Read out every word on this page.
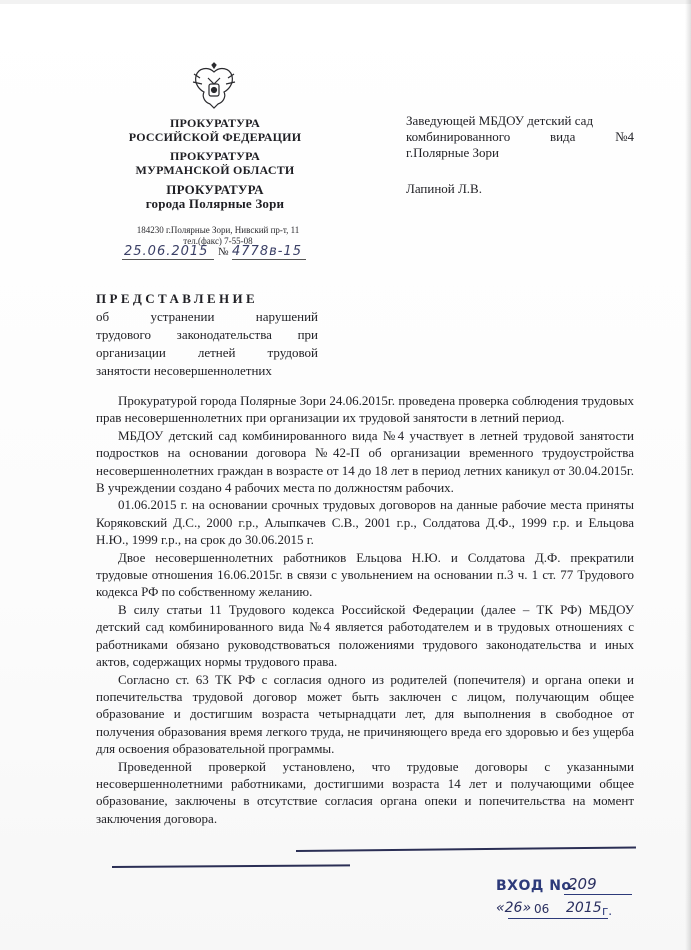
ПРОКУРАТУРА
РОССИЙСКОЙ ФЕДЕРАЦИИ
ПРОКУРАТУРА
МУРМАНСКОЙ ОБЛАСТИ
ПРОКУРАТУРА
города Полярные Зори
184230 г.Полярные Зори, Нивский пр-т, 11
тел.(факс) 7-55-08
25.06.2015 № 4778в-15
Заведующей МБДОУ детский сад
комбинированного	вида	№4
г.Полярные Зори
Лапиной Л.В.
ПРЕДСТАВЛЕНИЕ
об устранении нарушений
трудового законодательства при
организации летней трудовой
занятости несовершеннолетних

Прокуратурой города Полярные Зори 24.06.2015г. проведена проверка соблюдения трудовых прав несовершеннолетних при организации их трудовой занятости в летний период.

МБДОУ детский сад комбинированного вида №4 участвует в летней трудовой занятости подростков на основании договора №42-П об организации временного трудоустройства несовершеннолетних граждан в возрасте от 14 до 18 лет в период летних каникул от 30.04.2015г. В учреждении создано 4 рабочих места по должностям рабочих.

01.06.2015 г. на основании срочных трудовых договоров на данные рабочие места приняты Коряковский Д.С., 2000 г.р., Алыпкачев С.В., 2001 г.р., Солдатова Д.Ф., 1999 г.р. и Ельцова Н.Ю., 1999 г.р., на срок до 30.06.2015 г.

Двое несовершеннолетних работников Ельцова Н.Ю. и Солдатова Д.Ф. прекратили трудовые отношения 16.06.2015г. в связи с увольнением на основании п.3 ч. 1 ст. 77 Трудового кодекса РФ по собственному желанию.

В силу статьи 11 Трудового кодекса Российской Федерации (далее – ТК РФ) МБДОУ детский сад комбинированного вида №4 является работодателем и в трудовых отношениях с работниками обязано руководствоваться положениями трудового законодательства и иных актов, содержащих нормы трудового права.

Согласно ст. 63 ТК РФ с согласия одного из родителей (попечителя) и органа опеки и попечительства трудовой договор может быть заключен с лицом, получающим общее образование и достигшим возраста четырнадцати лет, для выполнения в свободное от получения образования время легкого труда, не причиняющего вреда его здоровью и без ущерба для освоения образовательной программы.

Проведенной проверкой установлено, что трудовые договоры с указанными несовершеннолетними работниками, достигшими возраста 14 лет и получающими общее образование, заключены в отсутствие согласия органа опеки и попечительства на момент заключения договора.

ВХОД No.
209
«26» 06 2015 г.
